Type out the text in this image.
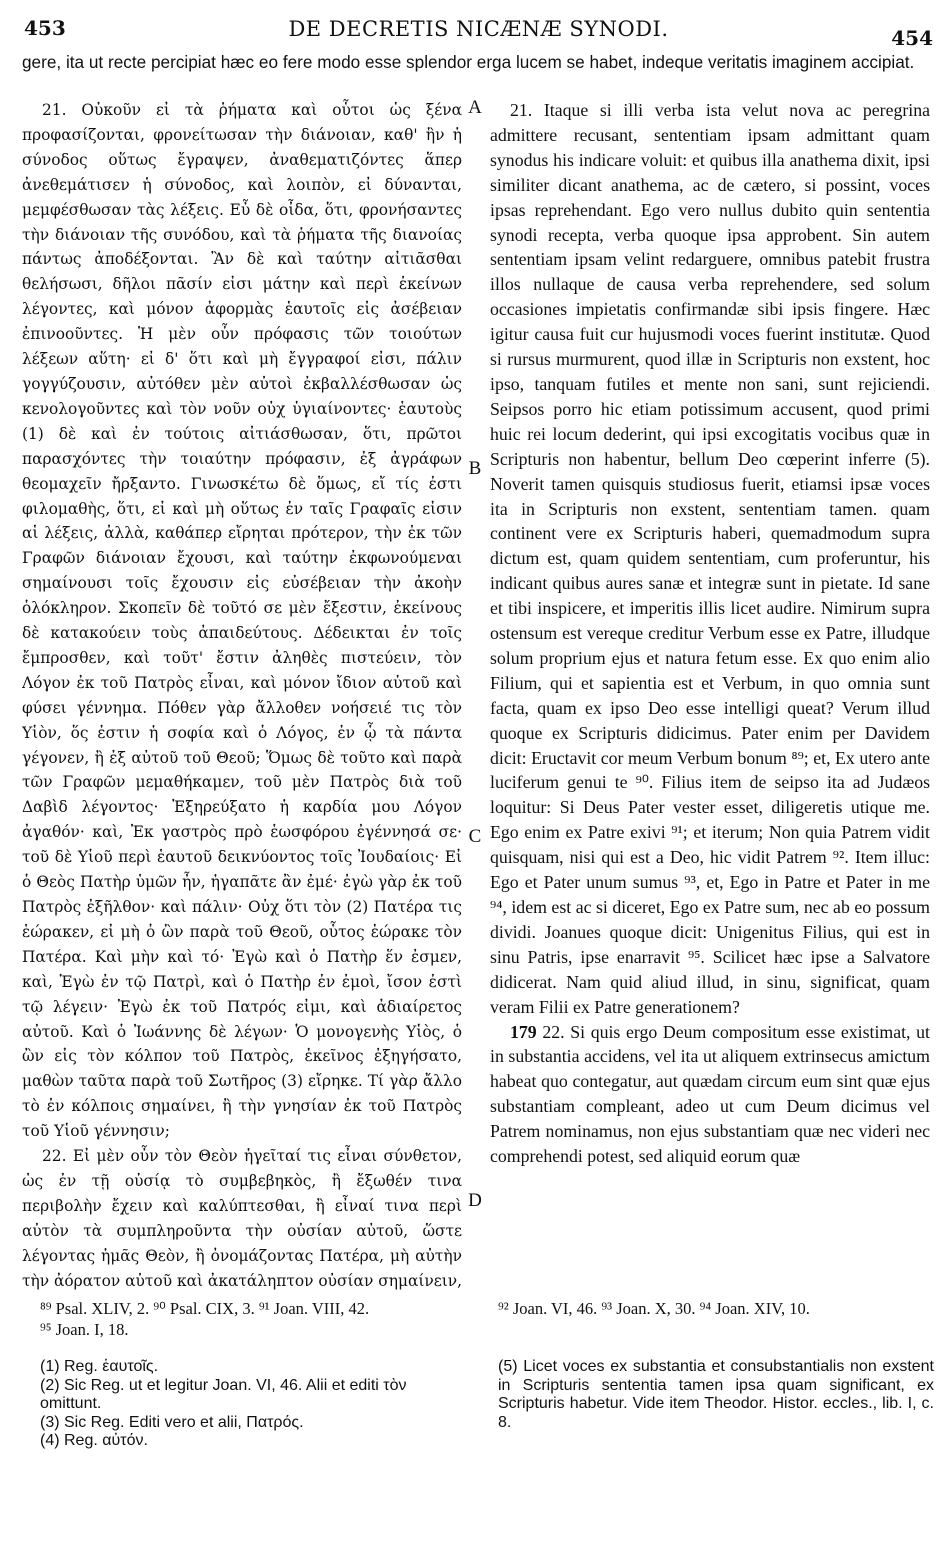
453	DE DECRETIS NICÆNÆ SYNODI.	454
gere, ita ut recte percipiat hæc eo fere modo esse splendor erga lucem se habet, indeque veritatis imaginem accipiat.

21. Οὐκοῦν εἰ τὰ ῥήματα καὶ οὗτοι ὡς ξένα προφασίζονται, φρονείτωσαν τὴν διάνοιαν, καθ' ἣν ἡ σύνοδος οὕτως ἔγραψεν, ἀναθεματιζόντες ἅπερ ἀνεθεμάτισεν ἡ σύνοδος, καὶ λοιπὸν, εἰ δύνανται, μεμφέσθωσαν τὰς λέξεις. Εὖ δὲ οἶδα, ὅτι, φρονήσαντες τὴν διάνοιαν τῆς συνόδου, καὶ τὰ ῥήματα τῆς διανοίας πάντως ἀποδέξονται. Ἂν δὲ καὶ ταύτην αἰτιᾶσθαι θελήσωσι, δῆλοι πᾶσίν εἰσι μάτην καὶ περὶ ἐκείνων λέγοντες, καὶ μόνον ἀφορμὰς ἑαυτοῖς εἰς ἀσέβειαν ἐπινοοῦντες. Ἡ μὲν οὖν πρόφασις τῶν τοιούτων λέξεων αὕτη· εἰ δ' ὅτι καὶ μὴ ἔγγραφοί εἰσι, πάλιν γογγύζουσιν, αὐτόθεν μὲν αὐτοὶ ἐκβαλλέσθωσαν ὡς κενολογοῦντες καὶ τὸν νοῦν οὐχ ὑγιαίνοντες· ἑαυτοὺς (1) δὲ καὶ ἐν τούτοις αἰτιάσθωσαν, ὅτι, πρῶτοι παρασχόντες τὴν τοιαύτην πρόφασιν, ἐξ ἀγράφων θεομαχεῖν ἤρξαντο. Γινωσκέτω δὲ ὅμως, εἴ τίς ἐστι φιλομαθὴς, ὅτι, εἰ καὶ μὴ οὕτως ἐν ταῖς Γραφαῖς εἰσιν αἱ λέξεις, ἀλλὰ, καθάπερ εἴρηται πρότερον, τὴν ἐκ τῶν Γραφῶν διάνοιαν ἔχουσι, καὶ ταύτην ἐκφωνούμεναι σημαίνουσι τοῖς ἔχουσιν εἰς εὐσέβειαν τὴν ἀκοὴν ὁλόκληρον. Σκοπεῖν δὲ τοῦτό σε μὲν ἔξεστιν, ἐκείνους δὲ κατακούειν τοὺς ἀπαιδεύτους. Δέδεικται ἐν τοῖς ἔμπροσθεν, καὶ τοῦτ' ἔστιν ἀληθὲς πιστεύειν, τὸν Λόγον ἐκ τοῦ Πατρὸς εἶναι, καὶ μόνον ἴδιον αὐτοῦ καὶ φύσει γέννημα. Πόθεν γὰρ ἄλλοθεν νοήσειέ τις τὸν Υἱὸν, ὅς ἐστιν ἡ σοφία καὶ ὁ Λόγος, ἐν ᾧ τὰ πάντα γέγονεν, ἢ ἐξ αὐτοῦ τοῦ Θεοῦ; Ὅμως δὲ τοῦτο καὶ παρὰ τῶν Γραφῶν μεμαθήκαμεν, τοῦ μὲν Πατρὸς διὰ τοῦ Δαβὶδ λέγοντος· Ἐξηρεύξατο ἡ καρδία μου Λόγον ἀγαθόν· καὶ, Ἐκ γαστρὸς πρὸ ἑωσφόρου ἐγέννησά σε· τοῦ δὲ Υἱοῦ περὶ ἑαυτοῦ δεικνύοντος τοῖς Ἰουδαίοις· Εἰ ὁ Θεὸς Πατὴρ ὑμῶν ἦν, ἠγαπᾶτε ἂν ἐμέ· ἐγὼ γὰρ ἐκ τοῦ Πατρὸς ἐξῆλθον· καὶ πάλιν· Οὐχ ὅτι τὸν (2) Πατέρα τις ἑώρακεν, εἰ μὴ ὁ ὢν παρὰ τοῦ Θεοῦ, οὗτος ἑώρακε τὸν Πατέρα. Καὶ μὴν καὶ τό· Ἐγὼ καὶ ὁ Πατὴρ ἕν ἐσμεν, καὶ, Ἐγὼ ἐν τῷ Πατρὶ, καὶ ὁ Πατὴρ ἐν ἐμοὶ, ἴσον ἐστὶ τῷ λέγειν· Ἐγὼ ἐκ τοῦ Πατρός εἰμι, καὶ ἀδιαίρετος αὐτοῦ. Καὶ ὁ Ἰωάννης δὲ λέγων· Ὁ μονογενὴς Υἱὸς, ὁ ὢν εἰς τὸν κόλπον τοῦ Πατρὸς, ἐκεῖνος ἐξηγήσατο, μαθὼν ταῦτα παρὰ τοῦ Σωτῆρος (3) εἴρηκε. Τί γὰρ ἄλλο τὸ ἐν κόλποις σημαίνει, ἢ τὴν γνησίαν ἐκ τοῦ Πατρὸς τοῦ Υἱοῦ γέννησιν;

22. Εἰ μὲν οὖν τὸν Θεὸν ἡγεῖταί τις εἶναι σύνθετον, ὡς ἐν τῇ οὐσίᾳ τὸ συμβεβηκὸς, ἢ ἔξωθέν τινα περιβολὴν ἔχειν καὶ καλύπτεσθαι, ἢ εἶναί τινα περὶ αὐτὸν τὰ συμπληροῦντα τὴν οὐσίαν αὐτοῦ, ὥστε λέγοντας ἡμᾶς Θεὸν, ἢ ὀνομάζοντας Πατέρα, μὴ αὐτὴν τὴν ἀόρατον αὐτοῦ καὶ ἀκατάληπτον οὐσίαν σημαίνειν,

A
B
C
D

21. Itaque si illi verba ista velut nova ac peregrina admittere recusant, sententiam ipsam admittant quam synodus his indicare voluit: et quibus illa anathema dixit, ipsi similiter dicant anathema, ac de cætero, si possint, voces ipsas reprehendant. Ego vero nullus dubito quin sententia synodi recepta, verba quoque ipsa approbent. Sin autem sententiam ipsam velint redarguere, omnibus patebit frustra illos nullaque de causa verba reprehendere, sed solum occasiones impietatis confirmandæ sibi ipsis fingere. Hæc igitur causa fuit cur hujusmodi voces fuerint institutæ. Quod si rursus murmurent, quod illæ in Scripturis non exstent, hoc ipso, tanquam futiles et mente non sani, sunt rejiciendi. Seipsos porro hic etiam potissimum accusent, quod primi huic rei locum dederint, qui ipsi excogitatis vocibus quæ in Scripturis non habentur, bellum Deo cœperint inferre (5). Noverit tamen quisquis studiosus fuerit, etiamsi ipsæ voces ita in Scripturis non exstent, sententiam tamen. quam continent vere ex Scripturis haberi, quemadmodum supra dictum est, quam quidem sententiam, cum proferuntur, his indicant quibus aures sanæ et integræ sunt in pietate. Id sane et tibi inspicere, et imperitis illis licet audire. Nimirum supra ostensum est vereque creditur Verbum esse ex Patre, illudque solum proprium ejus et natura fetum esse. Ex quo enim alio Filium, qui et sapientia est et Verbum, in quo omnia sunt facta, quam ex ipso Deo esse intelligi queat? Verum illud quoque ex Scripturis didicimus. Pater enim per Davidem dicit: Eructavit cor meum Verbum bonum ⁸⁹; et, Ex utero ante luciferum genui te ⁹⁰. Filius item de seipso ita ad Judæos loquitur: Si Deus Pater vester esset, diligeretis utique me. Ego enim ex Patre exivi ⁹¹; et iterum; Non quia Patrem vidit quisquam, nisi qui est a Deo, hic vidit Patrem ⁹². Item illuc: Ego et Pater unum sumus ⁹³, et, Ego in Patre et Pater in me ⁹⁴, idem est ac si diceret, Ego ex Patre sum, nec ab eo possum dividi. Joanues quoque dicit: Unigenitus Filius, qui est in sinu Patris, ipse enarravit ⁹⁵. Scilicet hæc ipse a Salvatore didicerat. Nam quid aliud illud, in sinu, significat, quam veram Filii ex Patre generationem?

179 22. Si quis ergo Deum compositum esse existimat, ut in substantia accidens, vel ita ut aliquem extrinsecus amictum habeat quo contegatur, aut quædam circum eum sint quæ ejus substantiam compleant, adeo ut cum Deum dicimus vel Patrem nominamus, non ejus substantiam quæ nec videri nec comprehendi potest, sed aliquid eorum quæ

⁸⁹ Psal. XLIV, 2. ⁹⁰ Psal. CIX, 3. ⁹¹ Joan. VIII, 42.
⁹⁵ Joan. I, 18.
⁹² Joan. VI, 46. ⁹³ Joan. X, 30. ⁹⁴ Joan. XIV, 10.
(1) Reg. ἑαυτοῖς.
(2) Sic Reg. ut et legitur Joan. VI, 46. Alii et editi τὸν omittunt.
(3) Sic Reg. Editi vero et alii, Πατρός.
(4) Reg. αὐτόν.
(5) Licet voces ex substantia et consubstantialis non exstent in Scripturis sententia tamen ipsa quam significant, ex Scripturis habetur. Vide item Theodor. Histor. eccles., lib. I, c. 8.
